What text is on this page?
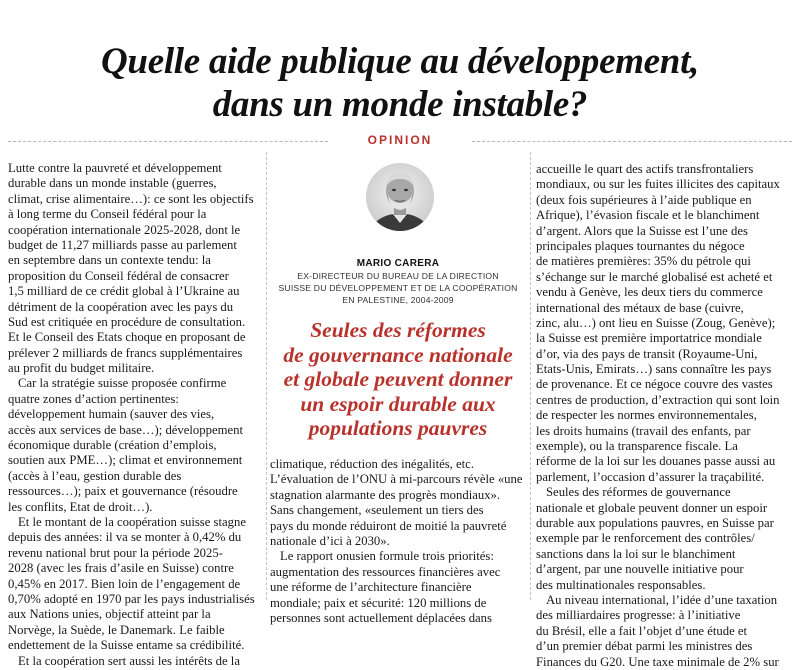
Quelle aide publique au développement,
dans un monde instable?
OPINION
Lutte contre la pauvreté et développement
durable dans un monde instable (guerres,
climat, crise alimentaire…): ce sont les objectifs
à long terme du Conseil fédéral pour la
coopération internationale 2025-2028, dont le
budget de 11,27 milliards passe au parlement
en septembre dans un contexte tendu: la
proposition du Conseil fédéral de consacrer
1,5 milliard de ce crédit global à l’Ukraine au
détriment de la coopération avec les pays du
Sud est critiquée en procédure de consultation.
Et le Conseil des Etats choque en proposant de
prélever 2 milliards de francs supplémentaires
au profit du budget militaire.
Car la stratégie suisse proposée confirme
quatre zones d’action pertinentes:
développement humain (sauver des vies,
accès aux services de base…); développement
économique durable (création d’emplois,
soutien aux PME…); climat et environnement
(accès à l’eau, gestion durable des
ressources…); paix et gouvernance (résoudre
les conflits, Etat de droit…).
Et le montant de la coopération suisse stagne
depuis des années: il va se monter à 0,42% du
revenu national brut pour la période 2025-
2028 (avec les frais d’asile en Suisse) contre
0,45% en 2017. Bien loin de l’engagement de
0,70% adopté en 1970 par les pays industrialisés
aux Nations unies, objectif atteint par la
Norvège, la Suède, le Danemark. Le faible
endettement de la Suisse entame sa crédibilité.
Et la coopération sert aussi les intérêts de la
MARIO CARERA
EX-DIRECTEUR DU BUREAU DE LA DIRECTION
SUISSE DU DÉVELOPPEMENT ET DE LA COOPÉRATION
EN PALESTINE, 2004-2009
Seules des réformes
de gouvernance nationale
et globale peuvent donner
un espoir durable aux
populations pauvres
climatique, réduction des inégalités, etc.
L’évaluation de l’ONU à mi-parcours révèle «une
stagnation alarmante des progrès mondiaux».
Sans changement, «seulement un tiers des
pays du monde réduiront de moitié la pauvreté
nationale d’ici à 2030».
Le rapport onusien formule trois priorités:
augmentation des ressources financières avec
une réforme de l’architecture financière
mondiale; paix et sécurité: 120 millions de
personnes sont actuellement déplacées dans
accueille le quart des actifs transfrontaliers
mondiaux, ou sur les fuites illicites des capitaux
(deux fois supérieures à l’aide publique en
Afrique), l’évasion fiscale et le blanchiment
d’argent. Alors que la Suisse est l’une des
principales plaques tournantes du négoce
de matières premières: 35% du pétrole qui
s’échange sur le marché globalisé est acheté et
vendu à Genève, les deux tiers du commerce
international des métaux de base (cuivre,
zinc, alu…) ont lieu en Suisse (Zoug, Genève);
la Suisse est première importatrice mondiale
d’or, via des pays de transit (Royaume-Uni,
Etats-Unis, Emirats…) sans connaître les pays
de provenance. Et ce négoce couvre des vastes
centres de production, d’extraction qui sont loin
de respecter les normes environnementales,
les droits humains (travail des enfants, par
exemple), ou la transparence fiscale. La
réforme de la loi sur les douanes passe aussi au
parlement, l’occasion d’assurer la traçabilité.
Seules des réformes de gouvernance
nationale et globale peuvent donner un espoir
durable aux populations pauvres, en Suisse par
exemple par le renforcement des contrôles/
sanctions dans la loi sur le blanchiment
d’argent, par une nouvelle initiative pour
des multinationales responsables.
Au niveau international, l’idée d’une taxation
des milliardaires progresse: à l’initiative
du Brésil, elle a fait l’objet d’une étude et
d’un premier débat parmi les ministres des
Finances du G20. Une taxe minimale de 2% sur
